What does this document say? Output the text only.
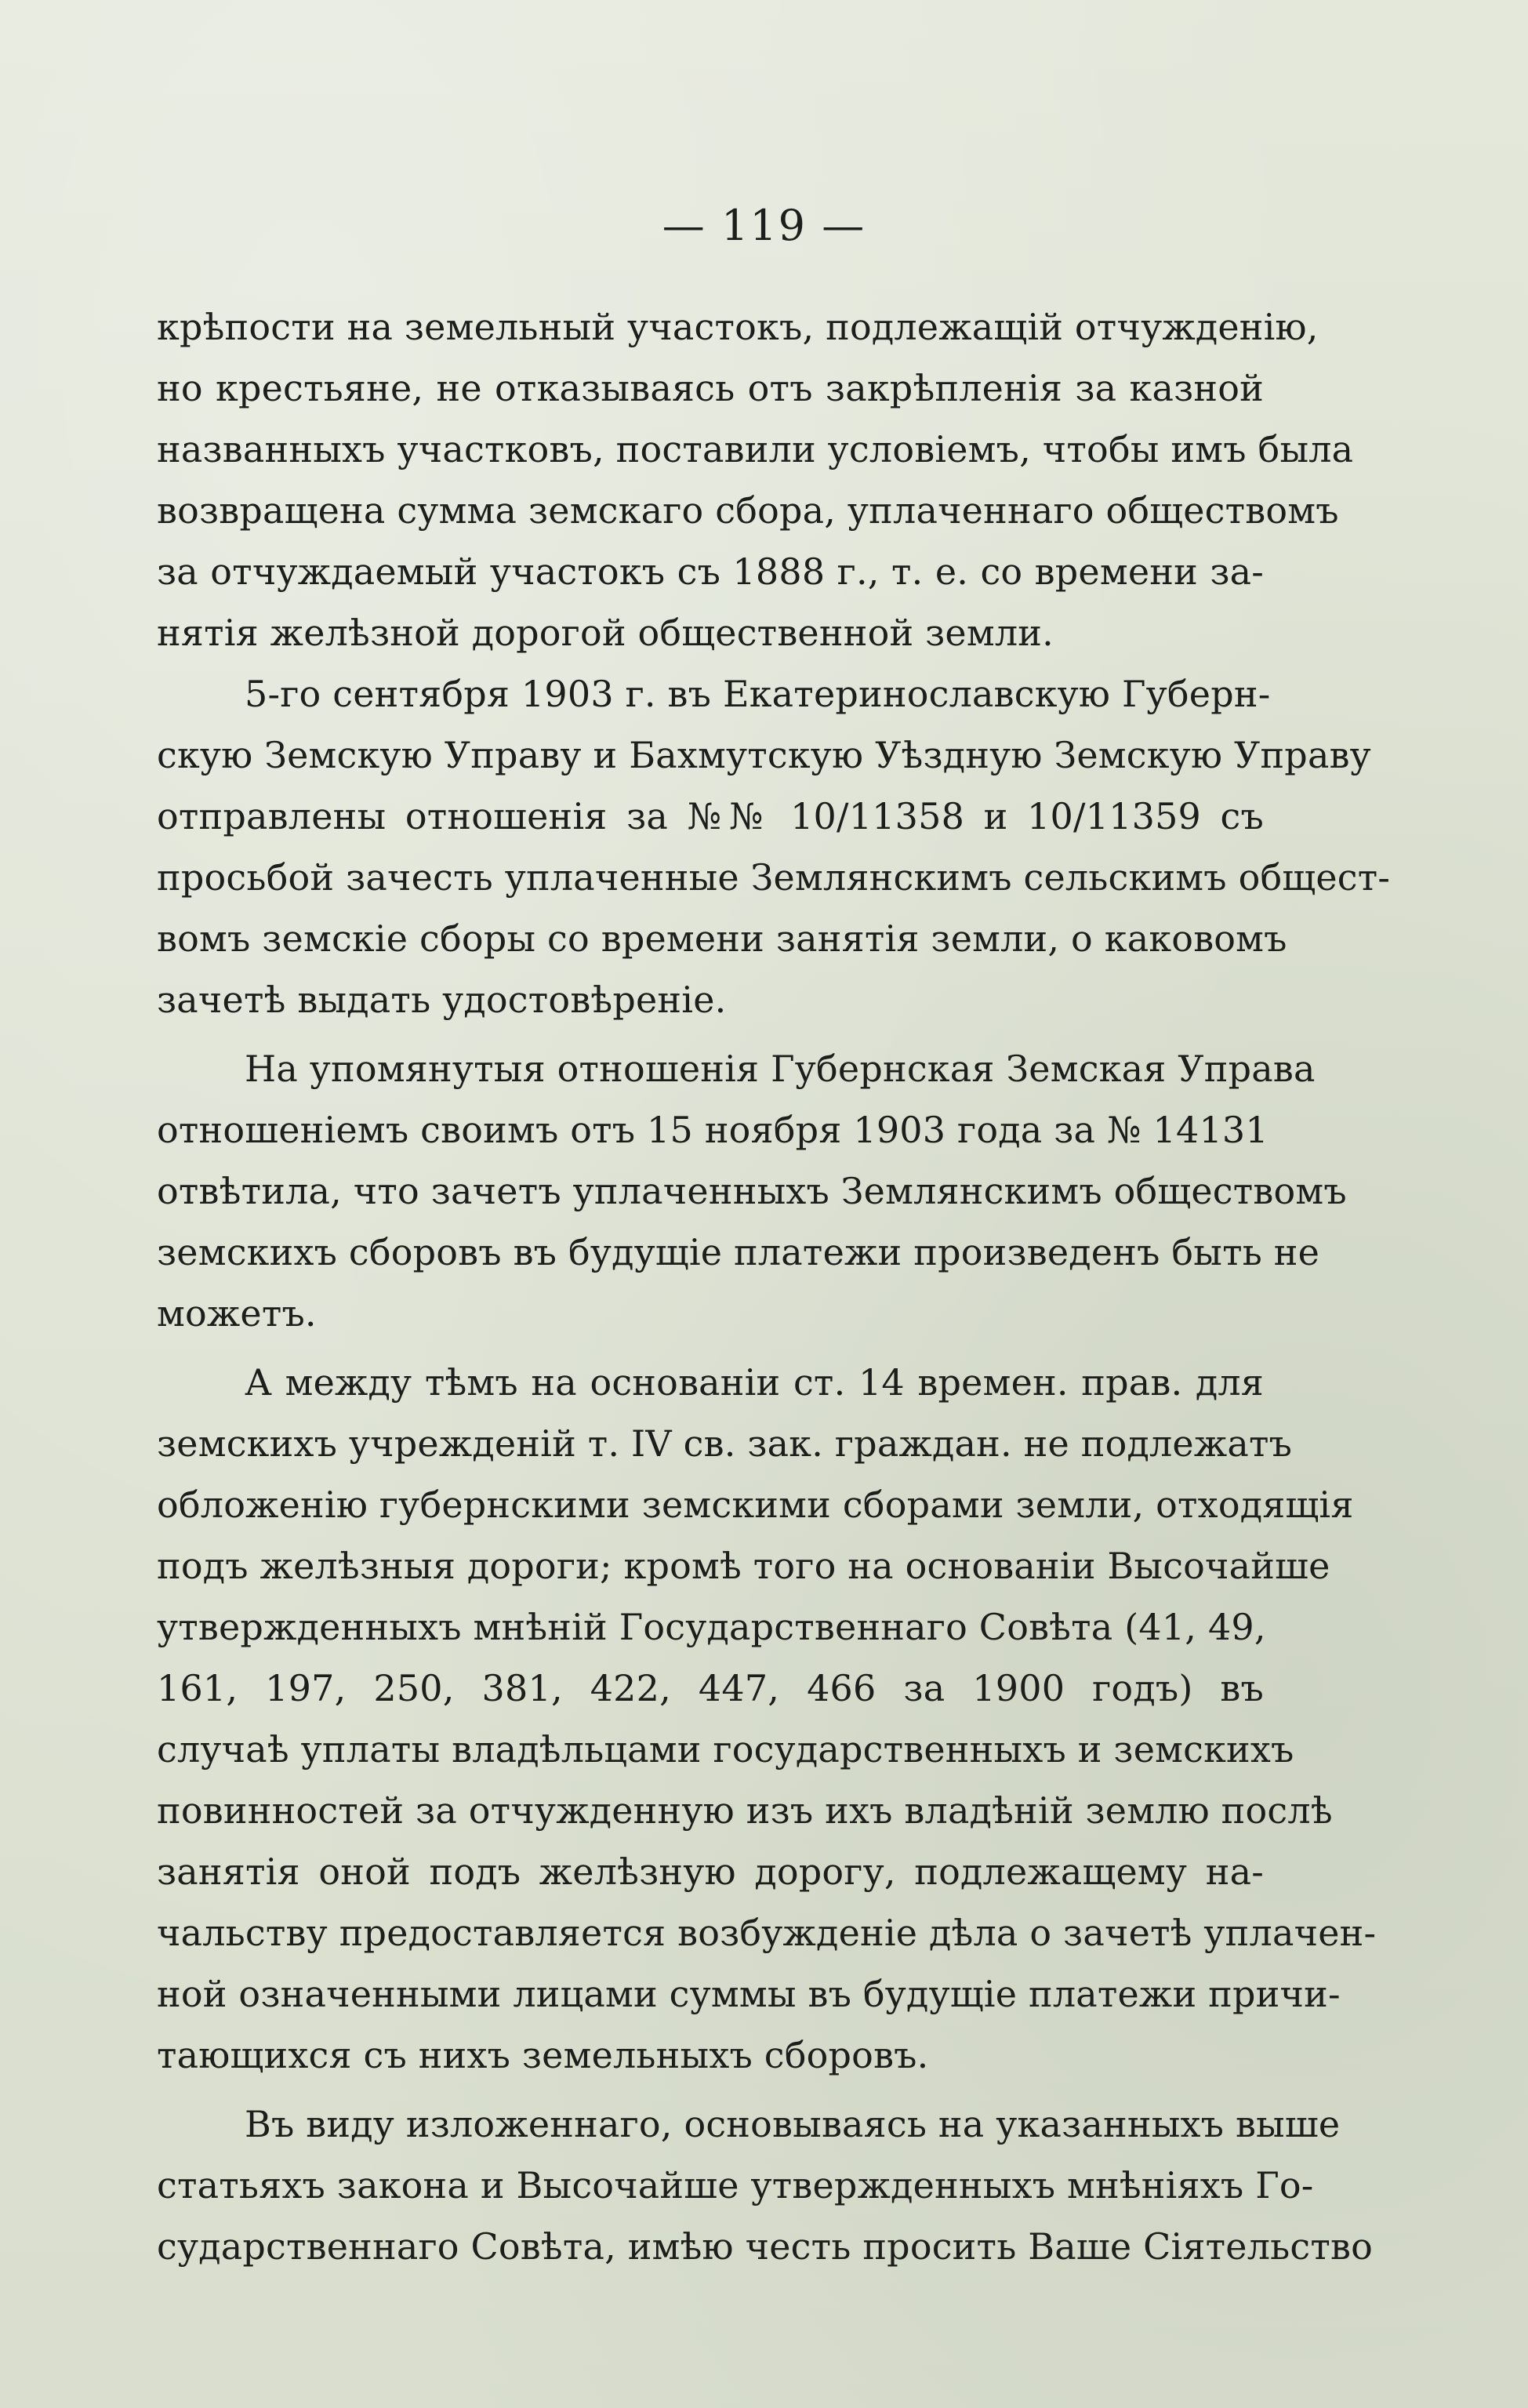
— 119 —
крѣпости на земельный участокъ, подлежащій отчужденію,
но крестьяне, не отказываясь отъ закрѣпленія за казной
названныхъ участковъ, поставили условіемъ, чтобы имъ была
возвращена сумма земскаго сбора, уплаченнаго обществомъ
за отчуждаемый участокъ съ 1888 г., т. е. со времени за-
нятія желѣзной дорогой общественной земли.
5-го сентября 1903 г. въ Екатеринославскую Губерн-
скую Земскую Управу и Бахмутскую Уѣздную Земскую Управу
отправлены отношенія за №№ 10/11358 и 10/11359 съ
просьбой зачесть уплаченные Землянскимъ сельскимъ общест-
вомъ земскіе сборы со времени занятія земли, о каковомъ
зачетѣ выдать удостовѣреніе.
На упомянутыя отношенія Губернская Земская Управа
отношеніемъ своимъ отъ 15 ноября 1903 года за № 14131
отвѣтила, что зачетъ уплаченныхъ Землянскимъ обществомъ
земскихъ сборовъ въ будущіе платежи произведенъ быть не
можетъ.
А между тѣмъ на основаніи ст. 14 времен. прав. для
земскихъ учрежденій т. IV св. зак. граждан. не подлежатъ
обложенію губернскими земскими сборами земли, отходящія
подъ желѣзныя дороги; кромѣ того на основаніи Высочайше
утвержденныхъ мнѣній Государственнаго Совѣта (41, 49,
161, 197, 250, 381, 422, 447, 466 за 1900 годъ) въ
случаѣ уплаты владѣльцами государственныхъ и земскихъ
повинностей за отчужденную изъ ихъ владѣній землю послѣ
занятія оной подъ желѣзную дорогу, подлежащему на-
чальству предоставляется возбужденіе дѣла о зачетѣ уплачен-
ной означенными лицами суммы въ будущіе платежи причи-
тающихся съ нихъ земельныхъ сборовъ.
Въ виду изложеннаго, основываясь на указанныхъ выше
статьяхъ закона и Высочайше утвержденныхъ мнѣніяхъ Го-
сударственнаго Совѣта, имѣю честь просить Ваше Сіятельство
